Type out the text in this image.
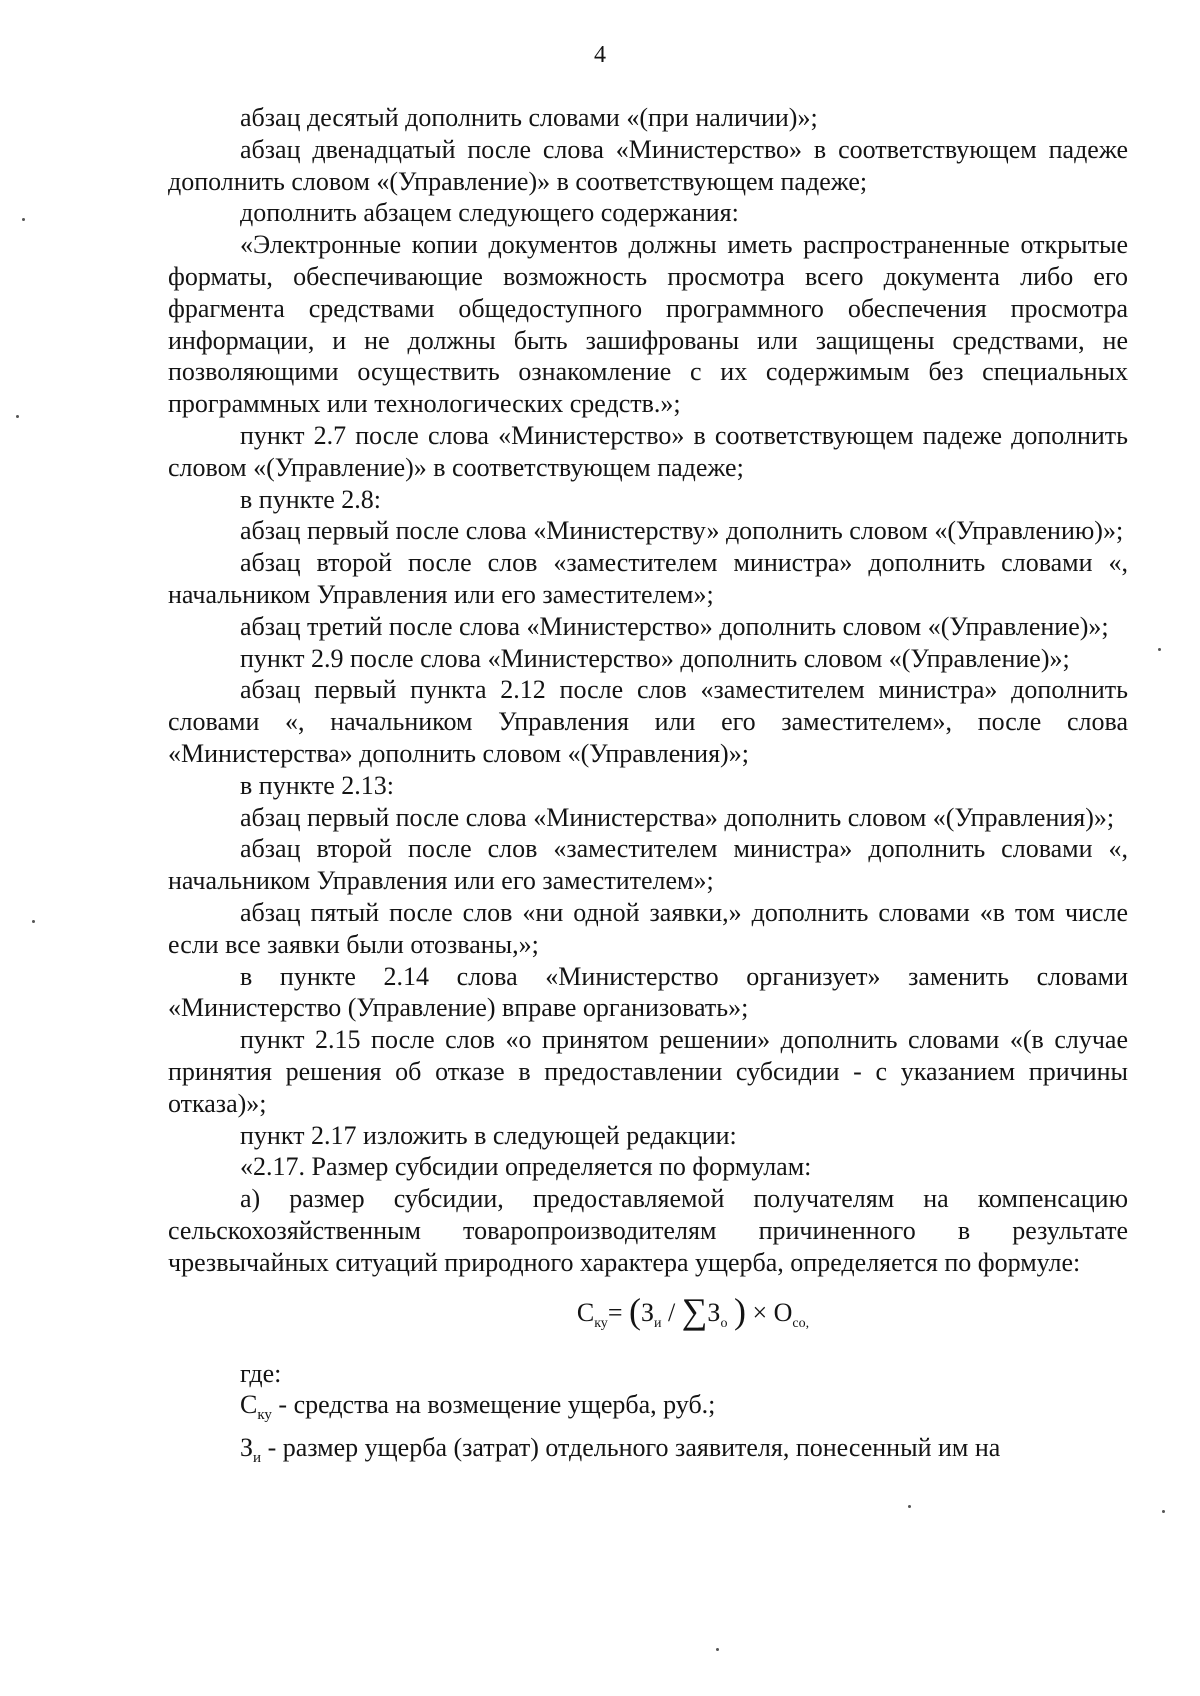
4

абзац десятый дополнить словами «(при наличии)»;

абзац двенадцатый после слова «Министерство» в соответствующем падеже дополнить словом «(Управление)» в соответствующем падеже;

дополнить абзацем следующего содержания:

«Электронные копии документов должны иметь распространенные открытые форматы, обеспечивающие возможность просмотра всего документа либо его фрагмента средствами общедоступного программного обеспечения просмотра информации, и не должны быть зашифрованы или защищены средствами, не позволяющими осуществить ознакомление с их содержимым без специальных программных или технологических средств.»;

пункт 2.7 после слова «Министерство» в соответствующем падеже дополнить словом «(Управление)» в соответствующем падеже;

в пункте 2.8:

абзац первый после слова «Министерству» дополнить словом «(Управлению)»;

абзац второй после слов «заместителем министра» дополнить словами «, начальником Управления или его заместителем»;

абзац третий после слова «Министерство» дополнить словом «(Управление)»;

пункт 2.9 после слова «Министерство» дополнить словом «(Управление)»;

абзац первый пункта 2.12 после слов «заместителем министра» дополнить словами «, начальником Управления или его заместителем», после слова «Министерства» дополнить словом «(Управления)»;

в пункте 2.13:

абзац первый после слова «Министерства» дополнить словом «(Управления)»;

абзац второй после слов «заместителем министра» дополнить словами «, начальником Управления или его заместителем»;

абзац пятый после слов «ни одной заявки,» дополнить словами «в том числе если все заявки были отозваны,»;

в пункте 2.14 слова «Министерство организует» заменить словами «Министерство (Управление) вправе организовать»;

пункт 2.15 после слов «о принятом решении» дополнить словами «(в случае принятия решения об отказе в предоставлении субсидии - с указанием причины отказа)»;

пункт 2.17 изложить в следующей редакции:

«2.17. Размер субсидии определяется по формулам:

а) размер субсидии, предоставляемой получателям на компенсацию сельскохозяйственным товаропроизводителям причиненного в результате чрезвычайных ситуаций природного характера ущерба, определяется по формуле:

$С_{ку}= (З_и / \sum З_о$ ) × $О_{со,}$

где:

$С_{ку}$ - средства на возмещение ущерба, руб.;

$З_и$ - размер ущерба (затрат) отдельного заявителя, понесенный им на
